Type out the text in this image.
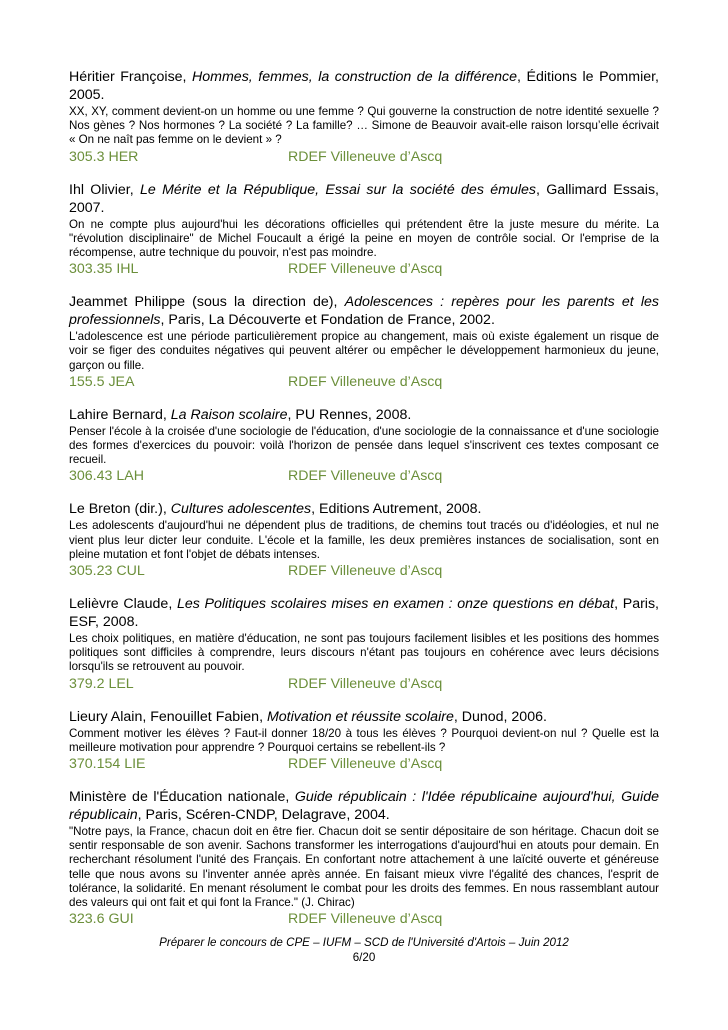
Héritier Françoise, Hommes, femmes, la construction de la différence, Éditions le Pommier, 2005.
XX, XY, comment devient-on un homme ou une femme ? Qui gouverne la construction de notre identité sexuelle ? Nos gènes ? Nos hormones ? La société ? La famille? … Simone de Beauvoir avait-elle raison lorsqu’elle écrivait « On ne naît pas femme on le devient » ?
305.3 HER	RDEF Villeneuve d’Ascq
Ihl Olivier, Le Mérite et la République, Essai sur la société des émules, Gallimard Essais, 2007.
On ne compte plus aujourd'hui les décorations officielles qui prétendent être la juste mesure du mérite. La "révolution disciplinaire" de Michel Foucault a érigé la peine en moyen de contrôle social. Or l'emprise de la récompense, autre technique du pouvoir, n'est pas moindre.
303.35 IHL	RDEF Villeneuve d’Ascq
Jeammet Philippe (sous la direction de), Adolescences : repères pour les parents et les professionnels, Paris, La Découverte et Fondation de France, 2002.
L'adolescence est une période particulièrement propice au changement, mais où existe également un risque de voir se figer des conduites négatives qui peuvent altérer ou empêcher le développement harmonieux du jeune, garçon ou fille.
155.5 JEA	RDEF Villeneuve d’Ascq
Lahire Bernard, La Raison scolaire, PU Rennes, 2008.
Penser l'école à la croisée d'une sociologie de l'éducation, d'une sociologie de la connaissance et d'une sociologie des formes d'exercices du pouvoir: voilà l'horizon de pensée dans lequel s'inscrivent ces textes composant ce recueil.
306.43 LAH	RDEF Villeneuve d’Ascq
Le Breton (dir.), Cultures adolescentes, Editions Autrement, 2008.
Les adolescents d'aujourd'hui ne dépendent plus de traditions, de chemins tout tracés ou d'idéologies, et nul ne vient plus leur dicter leur conduite. L'école et la famille, les deux premières instances de socialisation, sont en pleine mutation et font l'objet de débats intenses.
305.23 CUL	RDEF Villeneuve d’Ascq
Lelièvre Claude, Les Politiques scolaires mises en examen : onze questions en débat, Paris, ESF, 2008.
Les choix politiques, en matière d'éducation, ne sont pas toujours facilement lisibles et les positions des hommes politiques sont difficiles à comprendre, leurs discours n'étant pas toujours en cohérence avec leurs décisions lorsqu'ils se retrouvent au pouvoir.
379.2 LEL	RDEF Villeneuve d’Ascq
Lieury Alain, Fenouillet Fabien, Motivation et réussite scolaire, Dunod, 2006.
Comment motiver les élèves ? Faut-il donner 18/20 à tous les élèves ? Pourquoi devient-on nul ? Quelle est la meilleure motivation pour apprendre ? Pourquoi certains se rebellent-ils ?
370.154 LIE	RDEF Villeneuve d’Ascq
Ministère de l'Éducation nationale, Guide républicain : l'Idée républicaine aujourd'hui, Guide républicain, Paris, Scéren-CNDP, Delagrave, 2004.
"Notre pays, la France, chacun doit en être fier. Chacun doit se sentir dépositaire de son héritage. Chacun doit se sentir responsable de son avenir. Sachons transformer les interrogations d'aujourd'hui en atouts pour demain. En recherchant résolument l'unité des Français. En confortant notre attachement à une laïcité ouverte et généreuse telle que nous avons su l'inventer année après année. En faisant mieux vivre l'égalité des chances, l'esprit de tolérance, la solidarité. En menant résolument le combat pour les droits des femmes. En nous rassemblant autour des valeurs qui ont fait et qui font la France." (J. Chirac)
323.6 GUI	RDEF Villeneuve d’Ascq
Préparer le concours de CPE – IUFM – SCD de l'Université d'Artois – Juin 2012
6/20
